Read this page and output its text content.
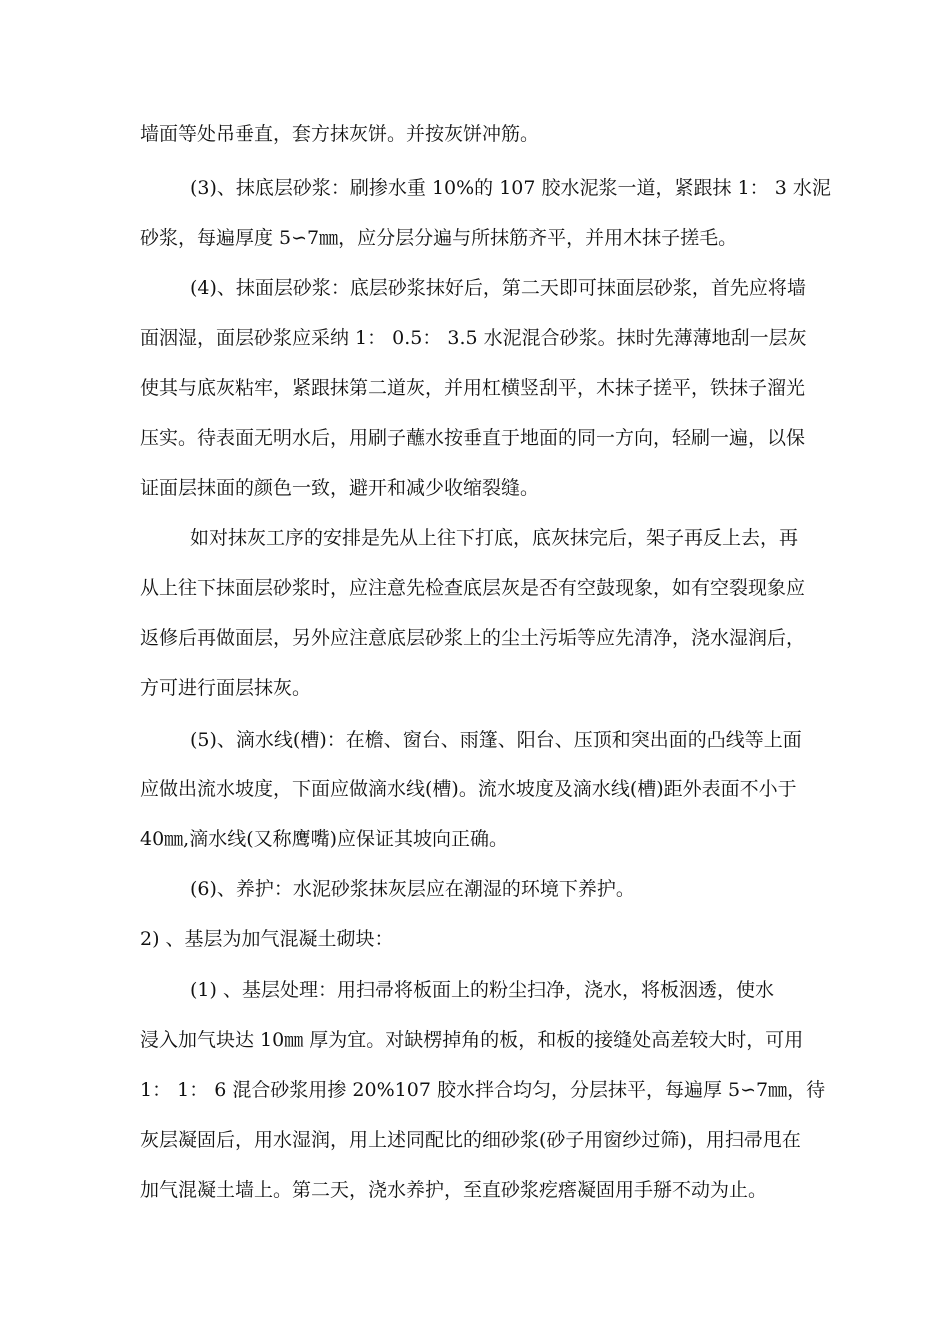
墙面等处吊垂直，套方抹灰饼。并按灰饼冲筋。
(3)、抹底层砂浆：刷掺水重 10%的 107 胶水泥浆一道，紧跟抹 1： 3 水泥
砂浆，每遍厚度 5∽7㎜，应分层分遍与所抹筋齐平，并用木抹子搓毛。
(4)、抹面层砂浆：底层砂浆抹好后，第二天即可抹面层砂浆，首先应将墙
面洇湿，面层砂浆应采纳 1： 0.5： 3.5 水泥混合砂浆。抹时先薄薄地刮一层灰
使其与底灰粘牢，紧跟抹第二道灰，并用杠横竖刮平，木抹子搓平，铁抹子溜光
压实。待表面无明水后，用刷子蘸水按垂直于地面的同一方向，轻刷一遍，以保
证面层抹面的颜色一致，避开和减少收缩裂缝。
如对抹灰工序的安排是先从上往下打底，底灰抹完后，架子再反上去，再
从上往下抹面层砂浆时，应注意先检查底层灰是否有空鼓现象，如有空裂现象应
返修后再做面层，另外应注意底层砂浆上的尘土污垢等应先清净，浇水湿润后，
方可进行面层抹灰。
(5)、滴水线(槽)：在檐、窗台、雨篷、阳台、压顶和突出面的凸线等上面
应做出流水坡度，下面应做滴水线(槽)。流水坡度及滴水线(槽)距外表面不小于
40㎜,滴水线(又称鹰嘴)应保证其坡向正确。
(6)、养护：水泥砂浆抹灰层应在潮湿的环境下养护。
2) 、基层为加气混凝土砌块：
(1) 、基层处理：用扫帚将板面上的粉尘扫净，浇水，将板洇透，使水
浸入加气块达 10㎜ 厚为宜。对缺楞掉角的板，和板的接缝处高差较大时，可用
1： 1： 6 混合砂浆用掺 20%107 胶水拌合均匀，分层抹平，每遍厚 5∽7㎜，待
灰层凝固后，用水湿润，用上述同配比的细砂浆(砂子用窗纱过筛)，用扫帚甩在
加气混凝土墙上。第二天，浇水养护，至直砂浆疙瘩凝固用手掰不动为止。
